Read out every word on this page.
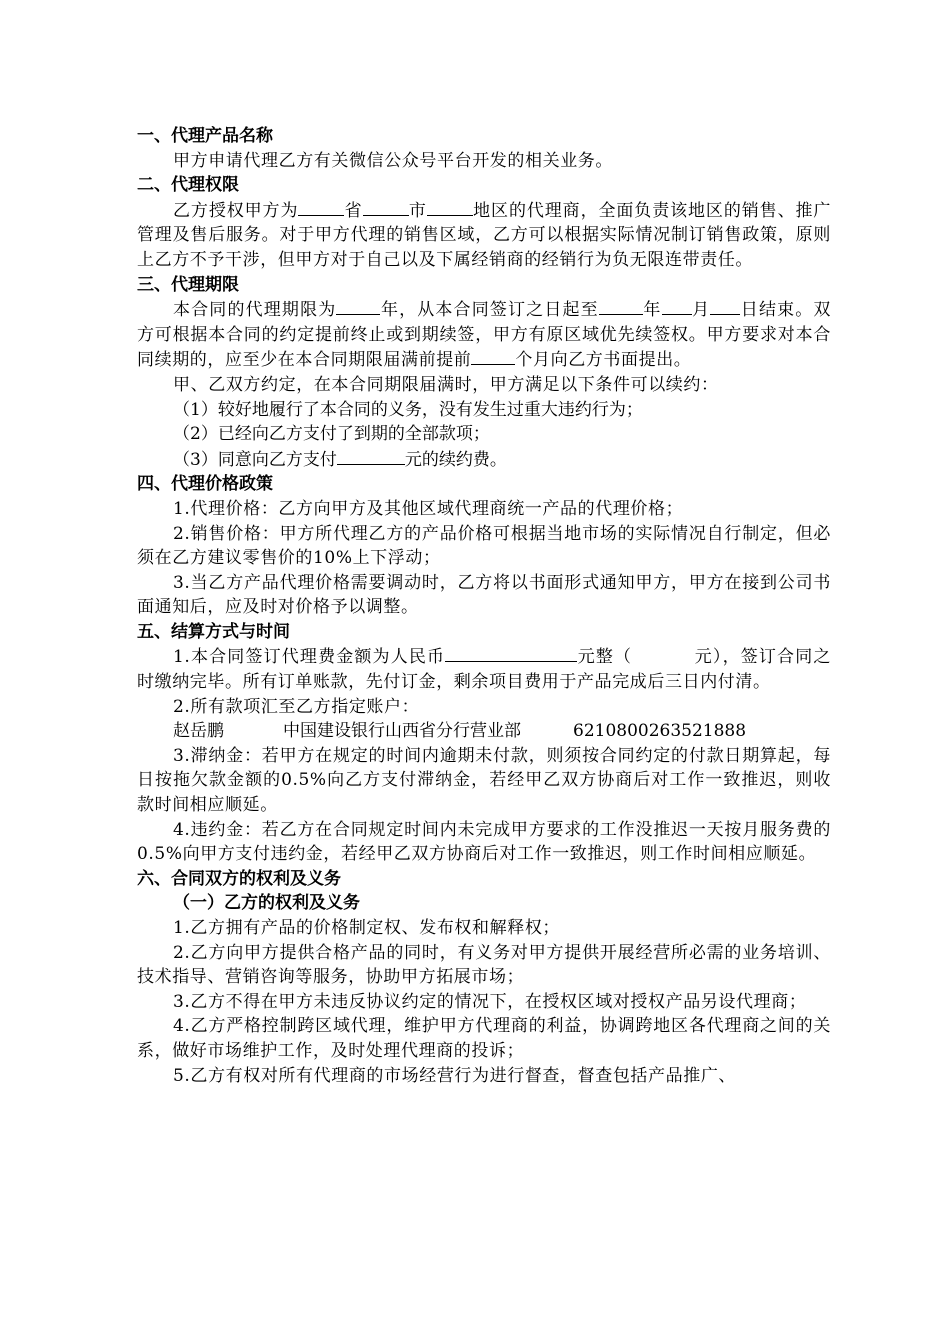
一、代理产品名称
甲方申请代理乙方有关微信公众号平台开发的相关业务。
二、代理权限
乙方授权甲方为	省	市	地区的代理商，全面负责该地区的销售、推广管理及售后服务。对于甲方代理的销售区域，乙方可以根据实际情况制订销售政策，原则上乙方不予干涉，但甲方对于自己以及下属经销商的经销行为负无限连带责任。
三、代理期限
本合同的代理期限为	年，从本合同签订之日起至	年 月 日结束。双方可根据本合同的约定提前终止或到期续签，甲方有原区域优先续签权。甲方要求对本合同续期的，应至少在本合同期限届满前提前	个月向乙方书面提出。
甲、乙双方约定，在本合同期限届满时，甲方满足以下条件可以续约：
（1）较好地履行了本合同的义务，没有发生过重大违约行为；
（2）已经向乙方支付了到期的全部款项；
（3）同意向乙方支付	元的续约费。
四、代理价格政策
1.代理价格：乙方向甲方及其他区域代理商统一产品的代理价格；
2.销售价格：甲方所代理乙方的产品价格可根据当地市场的实际情况自行制定，但必须在乙方建议零售价的10%上下浮动；
3.当乙方产品代理价格需要调动时，乙方将以书面形式通知甲方，甲方在接到公司书面通知后，应及时对价格予以调整。
五、结算方式与时间
1.本合同签订代理费金额为人民币	元整（	元），签订合同之时缴纳完毕。所有订单账款，先付订金，剩余项目费用于产品完成后三日内付清。
2.所有款项汇至乙方指定账户：
赵岳鹏	中国建设银行山西省分行营业部	6210800263521888
3.滞纳金：若甲方在规定的时间内逾期未付款，则须按合同约定的付款日期算起，每日按拖欠款金额的0.5%向乙方支付滞纳金，若经甲乙双方协商后对工作一致推迟，则收款时间相应顺延。
4.违约金：若乙方在合同规定时间内未完成甲方要求的工作没推迟一天按月服务费的0.5%向甲方支付违约金，若经甲乙双方协商后对工作一致推迟，则工作时间相应顺延。
六、合同双方的权利及义务
（一）乙方的权利及义务
1.乙方拥有产品的价格制定权、发布权和解释权；
2.乙方向甲方提供合格产品的同时，有义务对甲方提供开展经营所必需的业务培训、技术指导、营销咨询等服务，协助甲方拓展市场；
3.乙方不得在甲方未违反协议约定的情况下，在授权区域对授权产品另设代理商；
4.乙方严格控制跨区域代理，维护甲方代理商的利益，协调跨地区各代理商之间的关系，做好市场维护工作，及时处理代理商的投诉；
5.乙方有权对所有代理商的市场经营行为进行督查，督查包括产品推广、
